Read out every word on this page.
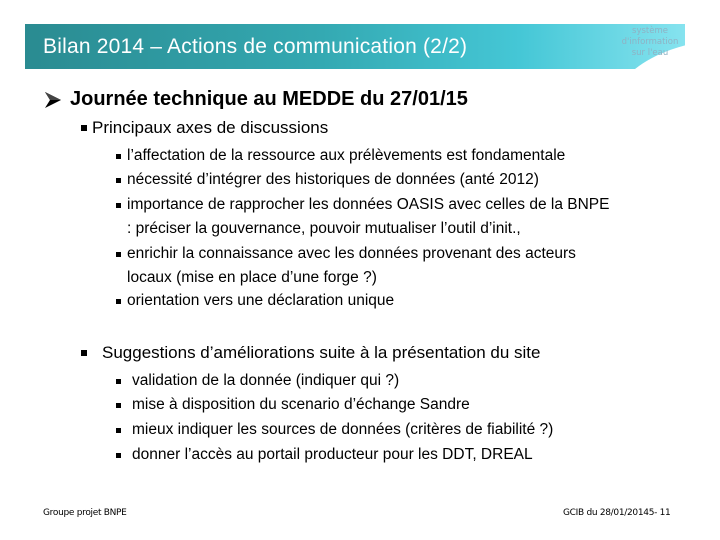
Bilan 2014 – Actions de communication (2/2)
système
d'information
sur l'eau
Journée technique au MEDDE du 27/01/15
Principaux axes de discussions
l’affectation de la ressource aux prélèvements est fondamentale
nécessité d’intégrer des historiques de données (anté 2012)
importance de rapprocher les données OASIS avec celles de la BNPE
: préciser la gouvernance, pouvoir mutualiser l’outil d’init.,
enrichir la connaissance avec les données provenant des acteurs
locaux (mise en place d’une forge ?)
orientation vers une déclaration unique
Suggestions d’améliorations suite à la présentation du site
validation de la donnée (indiquer qui ?)
mise à disposition du scenario d’échange Sandre
mieux indiquer les sources de données (critères de fiabilité ?)
donner l’accès au portail producteur pour les DDT, DREAL
Groupe projet BNPE	GCIB du 28/01/20145- 11
